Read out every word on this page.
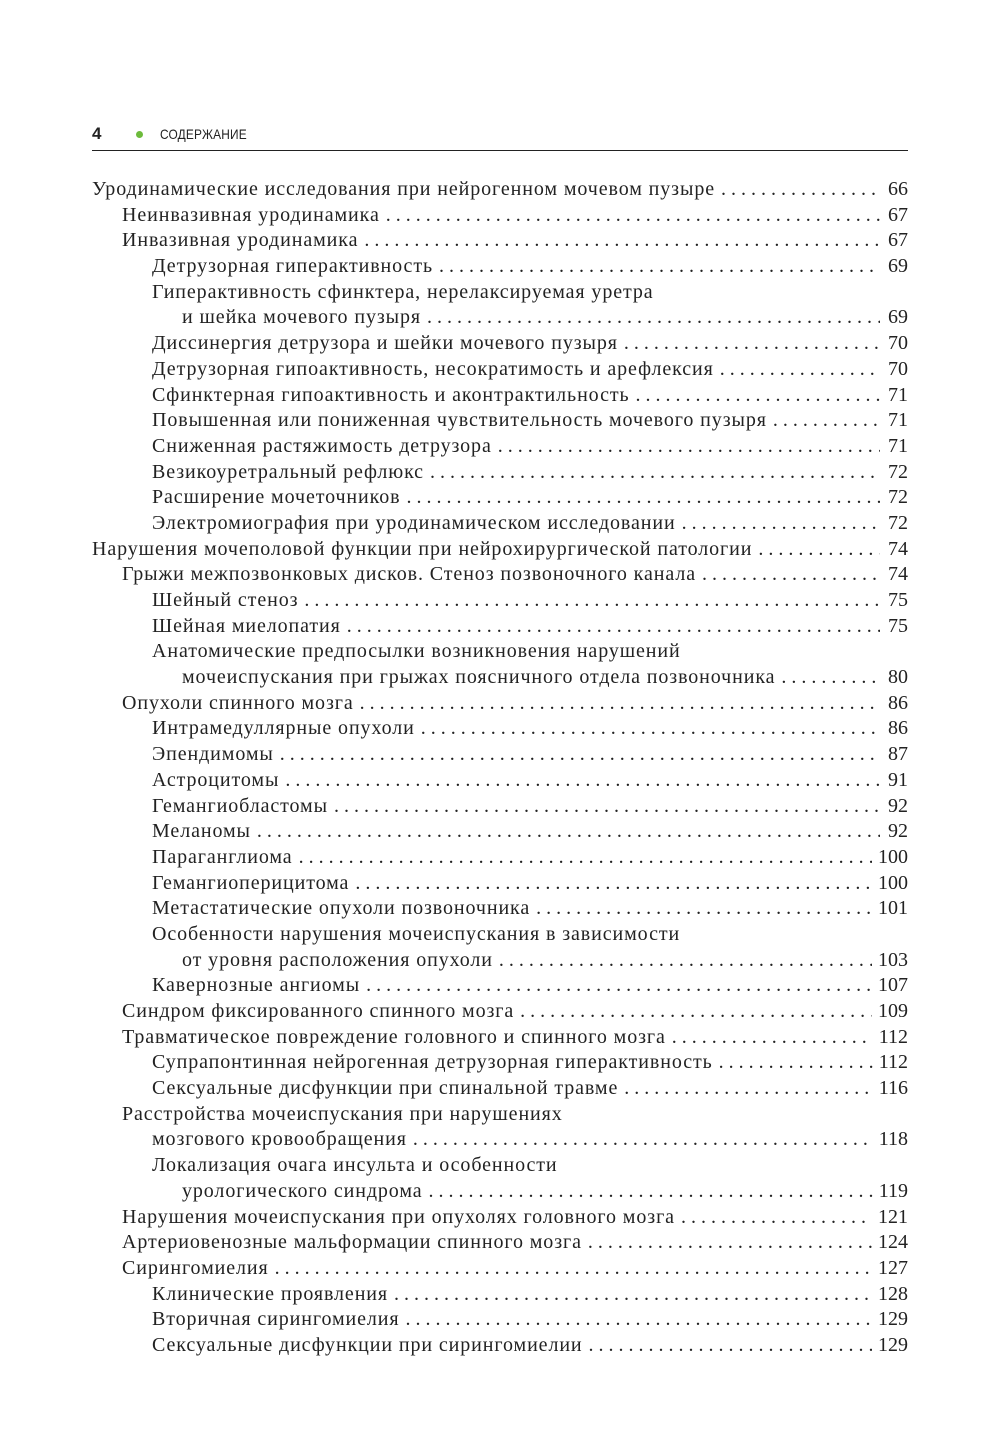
4	СОДЕРЖАНИЕ
Уродинамические исследования при нейрогенном мочевом пузыре . . .	66
Неинвазивная уродинамика . . .	67
Инвазивная уродинамика . . .	67
Детрузорная гиперактивность . . .	69
Гиперактивность сфинктера, нерелаксируемая уретра
и шейка мочевого пузыря . . .	69
Диссинергия детрузора и шейки мочевого пузыря . . .	70
Детрузорная гипоактивность, несократимость и арефлексия . . .	70
Сфинктерная гипоактивность и аконтрактильность . . .	71
Повышенная или пониженная чувствительность мочевого пузыря . . .	71
Сниженная растяжимость детрузора . . .	71
Везикоуретральный рефлюкс . . .	72
Расширение мочеточников . . .	72
Электромиография при уродинамическом исследовании . . .	72
Нарушения мочеполовой функции при нейрохирургической патологии . . .	74
Грыжи межпозвонковых дисков. Стеноз позвоночного канала . . .	74
Шейный стеноз . . .	75
Шейная миелопатия . . .	75
Анатомические предпосылки возникновения нарушений
мочеиспускания при грыжах поясничного отдела позвоночника . . .	80
Опухоли спинного мозга . . .	86
Интрамедуллярные опухоли . . .	86
Эпендимомы . . .	87
Астроцитомы . . .	91
Гемангиобластомы . . .	92
Меланомы . . .	92
Параганглиома . . .	100
Гемангиоперицитома . . .	100
Метастатические опухоли позвоночника . . .	101
Особенности нарушения мочеиспускания в зависимости
от уровня расположения опухоли . . .	103
Кавернозные ангиомы . . .	107
Синдром фиксированного спинного мозга . . .	109
Травматическое повреждение головного и спинного мозга . . .	112
Супрапонтинная нейрогенная детрузорная гиперактивность . . .	112
Сексуальные дисфункции при спинальной травме . . .	116
Расстройства мочеиспускания при нарушениях
мозгового кровообращения . . .	118
Локализация очага инсульта и особенности
урологического синдрома . . .	119
Нарушения мочеиспускания при опухолях головного мозга . . .	121
Артериовенозные мальформации спинного мозга . . .	124
Сирингомиелия . . .	127
Клинические проявления . . .	128
Вторичная сирингомиелия . . .	129
Сексуальные дисфункции при сирингомиелии . . .	129
